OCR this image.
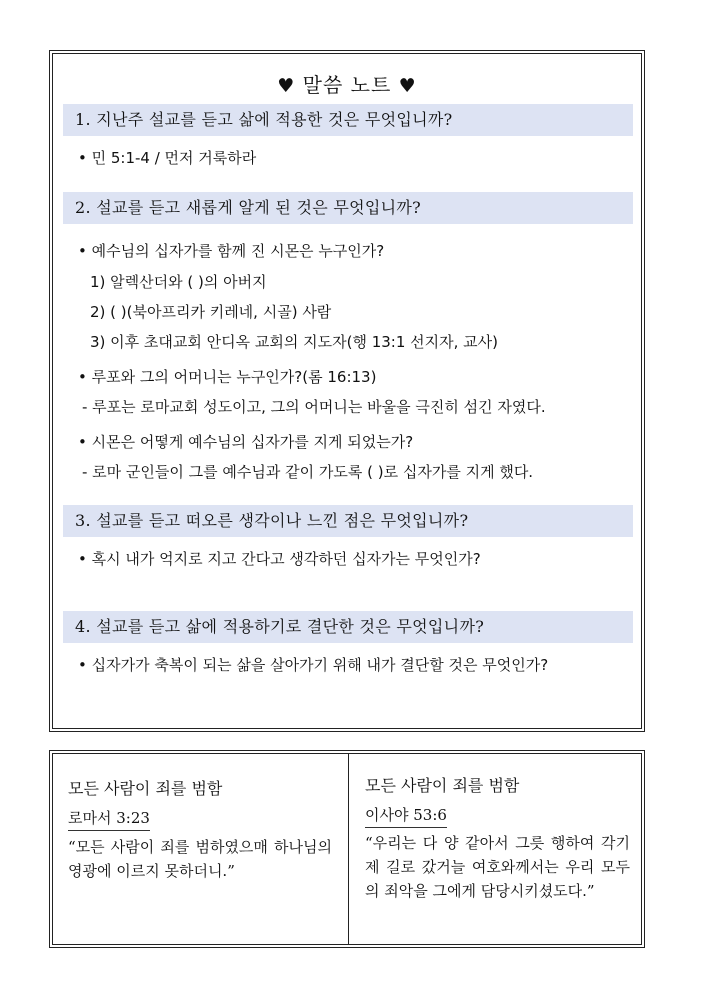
♥ 말씀 노트 ♥
1. 지난주 설교를 듣고 삶에 적용한 것은 무엇입니까?
• 민 5:1-4 / 먼저 거룩하라
2. 설교를 듣고 새롭게 알게 된 것은 무엇입니까?
• 예수님의 십자가를 함께 진 시몬은 누구인가?
1) 알렉산더와 ( )의 아버지
2) ( )(북아프리카 키레네, 시골) 사람
3) 이후 초대교회 안디옥 교회의 지도자(행 13:1 선지자, 교사)
• 루포와 그의 어머니는 누구인가?(롬 16:13)
- 루포는 로마교회 성도이고, 그의 어머니는 바울을 극진히 섬긴 자였다.
• 시몬은 어떻게 예수님의 십자가를 지게 되었는가?
- 로마 군인들이 그를 예수님과 같이 가도록 ( )로 십자가를 지게 했다.
3. 설교를 듣고 떠오른 생각이나 느낀 점은 무엇입니까?
• 혹시 내가 억지로 지고 간다고 생각하던 십자가는 무엇인가?
4. 설교를 듣고 삶에 적용하기로 결단한 것은 무엇입니까?
• 십자가가 축복이 되는 삶을 살아가기 위해 내가 결단할 것은 무엇인가?
모든 사람이 죄를 범함
로마서 3:23
“모든 사람이 죄를 범하였으매 하나님의 영광에 이르지 못하더니.”
모든 사람이 죄를 범함
이사야 53:6
“우리는 다 양 같아서 그릇 행하여 각기 제 길로 갔거늘 여호와께서는 우리 모두의 죄악을 그에게 담당시키셨도다.”
